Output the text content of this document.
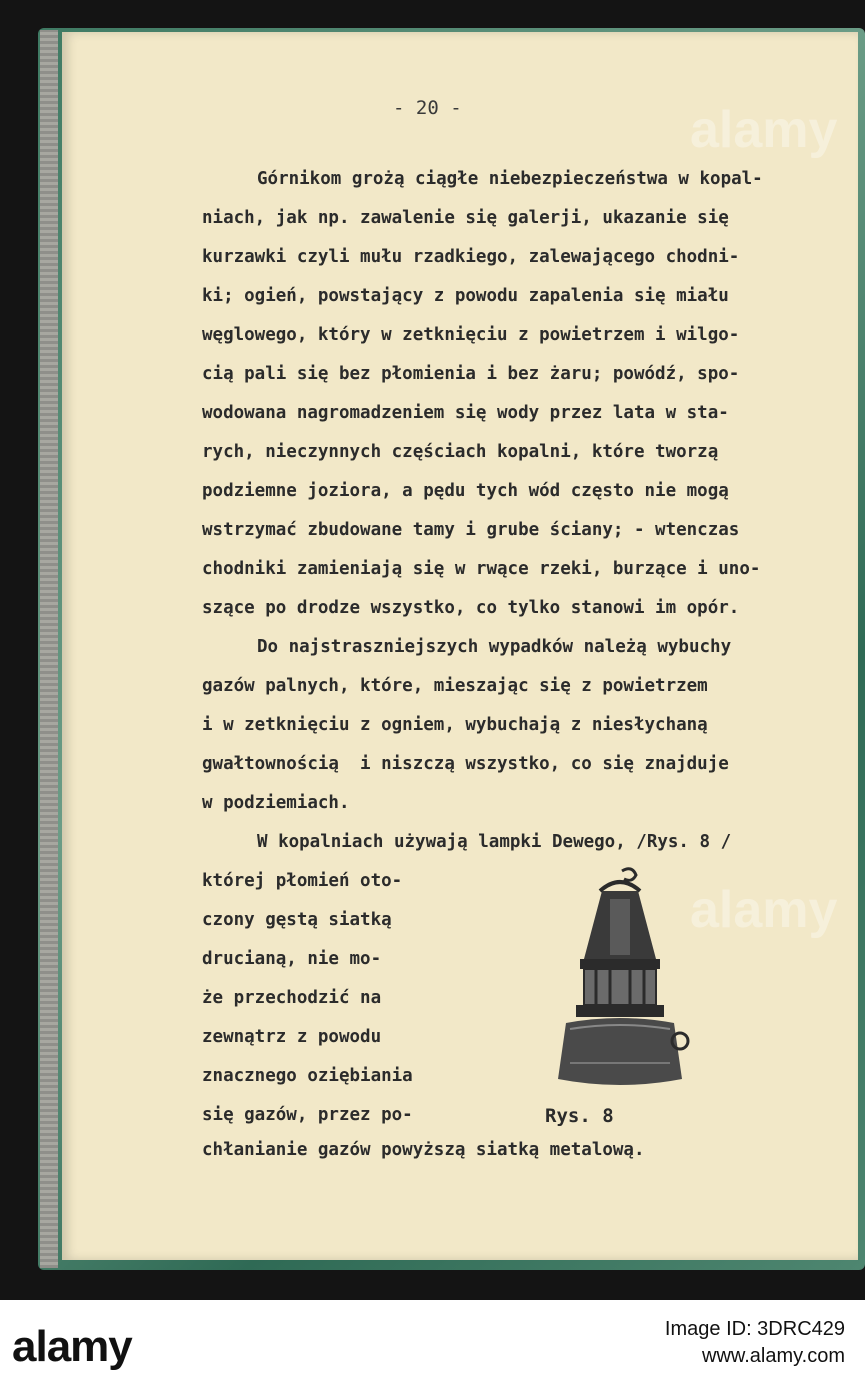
- 20 -
Górnikom grożą ciągłe niebezpieczeństwa w kopal-
niach, jak np. zawalenie się galerji, ukazanie się
kurzawki czyli mułu rzadkiego, zalewającego chodni-
ki; ogień, powstający z powodu zapalenia się miału
węglowego, który w zetknięciu z powietrzem i wilgo-
cią pali się bez płomienia i bez żaru; powódź, spo-
wodowana nagromadzeniem się wody przez lata w sta-
rych, nieczynnych częściach kopalni, które tworzą
podziemne joziora, a pędu tych wód często nie mogą
wstrzymać zbudowane tamy i grube ściany; - wtenczas
chodniki zamieniają się w rwące rzeki, burzące i uno-
szące po drodze wszystko, co tylko stanowi im opór.
Do najstraszniejszych wypadków należą wybuchy
gazów palnych, które, mieszając się z powietrzem
i w zetknięciu z ogniem, wybuchają z niesłychaną
gwałtownością  i niszczą wszystko, co się znajduje
w podziemiach.
W kopalniach używają lampki Dewego, /Rys. 8 /
której płomień oto-
czony gęstą siatką
drucianą, nie mo-
że przechodzić na
zewnątrz z powodu
znacznego oziębiania
się gazów, przez po-	Rys. 8
chłanianie gazów powyższą siatką metalową.
alamy
alamy
alamy	Image ID: 3DRC429
www.alamy.com
